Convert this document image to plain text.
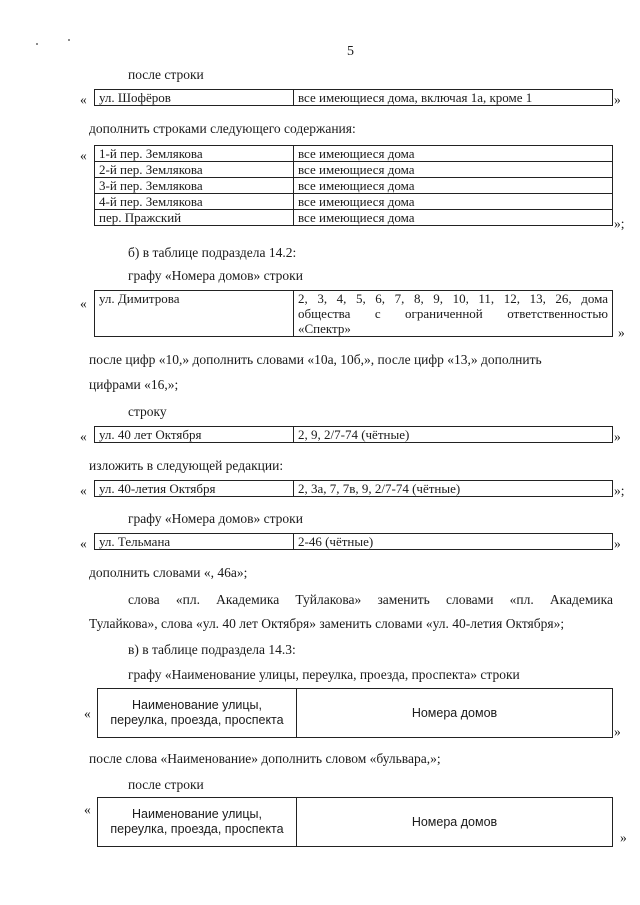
5
после строки
« ул. Шофёров	все имеющиеся дома, включая 1а, кроме 1	»
дополнить строками следующего содержания:
« 1-й пер. Землякова	все имеющиеся дома
2-й пер. Землякова	все имеющиеся дома
3-й пер. Землякова	все имеющиеся дома
4-й пер. Землякова	все имеющиеся дома
пер. Пражский	все имеющиеся дома	»;
б) в таблице подраздела 14.2:
графу «Номера домов» строки
« ул. Димитрова	2, 3, 4, 5, 6, 7, 8, 9, 10, 11, 12, 13, 26, дома
общества с ограниченной ответственностью
«Спектр»	»
после цифр «10,» дополнить словами «10а, 10б,», после цифр «13,» дополнить
цифрами «16,»;
строку
« ул. 40 лет Октября	2, 9, 2/7-74 (чётные)	»
изложить в следующей редакции:
« ул. 40-летия Октября	2, 3а, 7, 7в, 9, 2/7-74 (чётные)	»;
графу «Номера домов» строки
« ул. Тельмана	2-46 (чётные)	»
дополнить словами «, 46а»;
слова «пл. Академика Туйлакова» заменить словами «пл. Академика
Тулайкова», слова «ул. 40 лет Октября» заменить словами «ул. 40-летия Октября»;
в) в таблице подраздела 14.3:
графу «Наименование улицы, переулка, проезда, проспекта» строки
«
Наименование улицы, переулка, проезда, проспекта	Номера домов
»
после слова «Наименование» дополнить словом «бульвара,»;
после строки
«	Наименование улицы, переулка, проезда, проспекта	Номера домов
»
